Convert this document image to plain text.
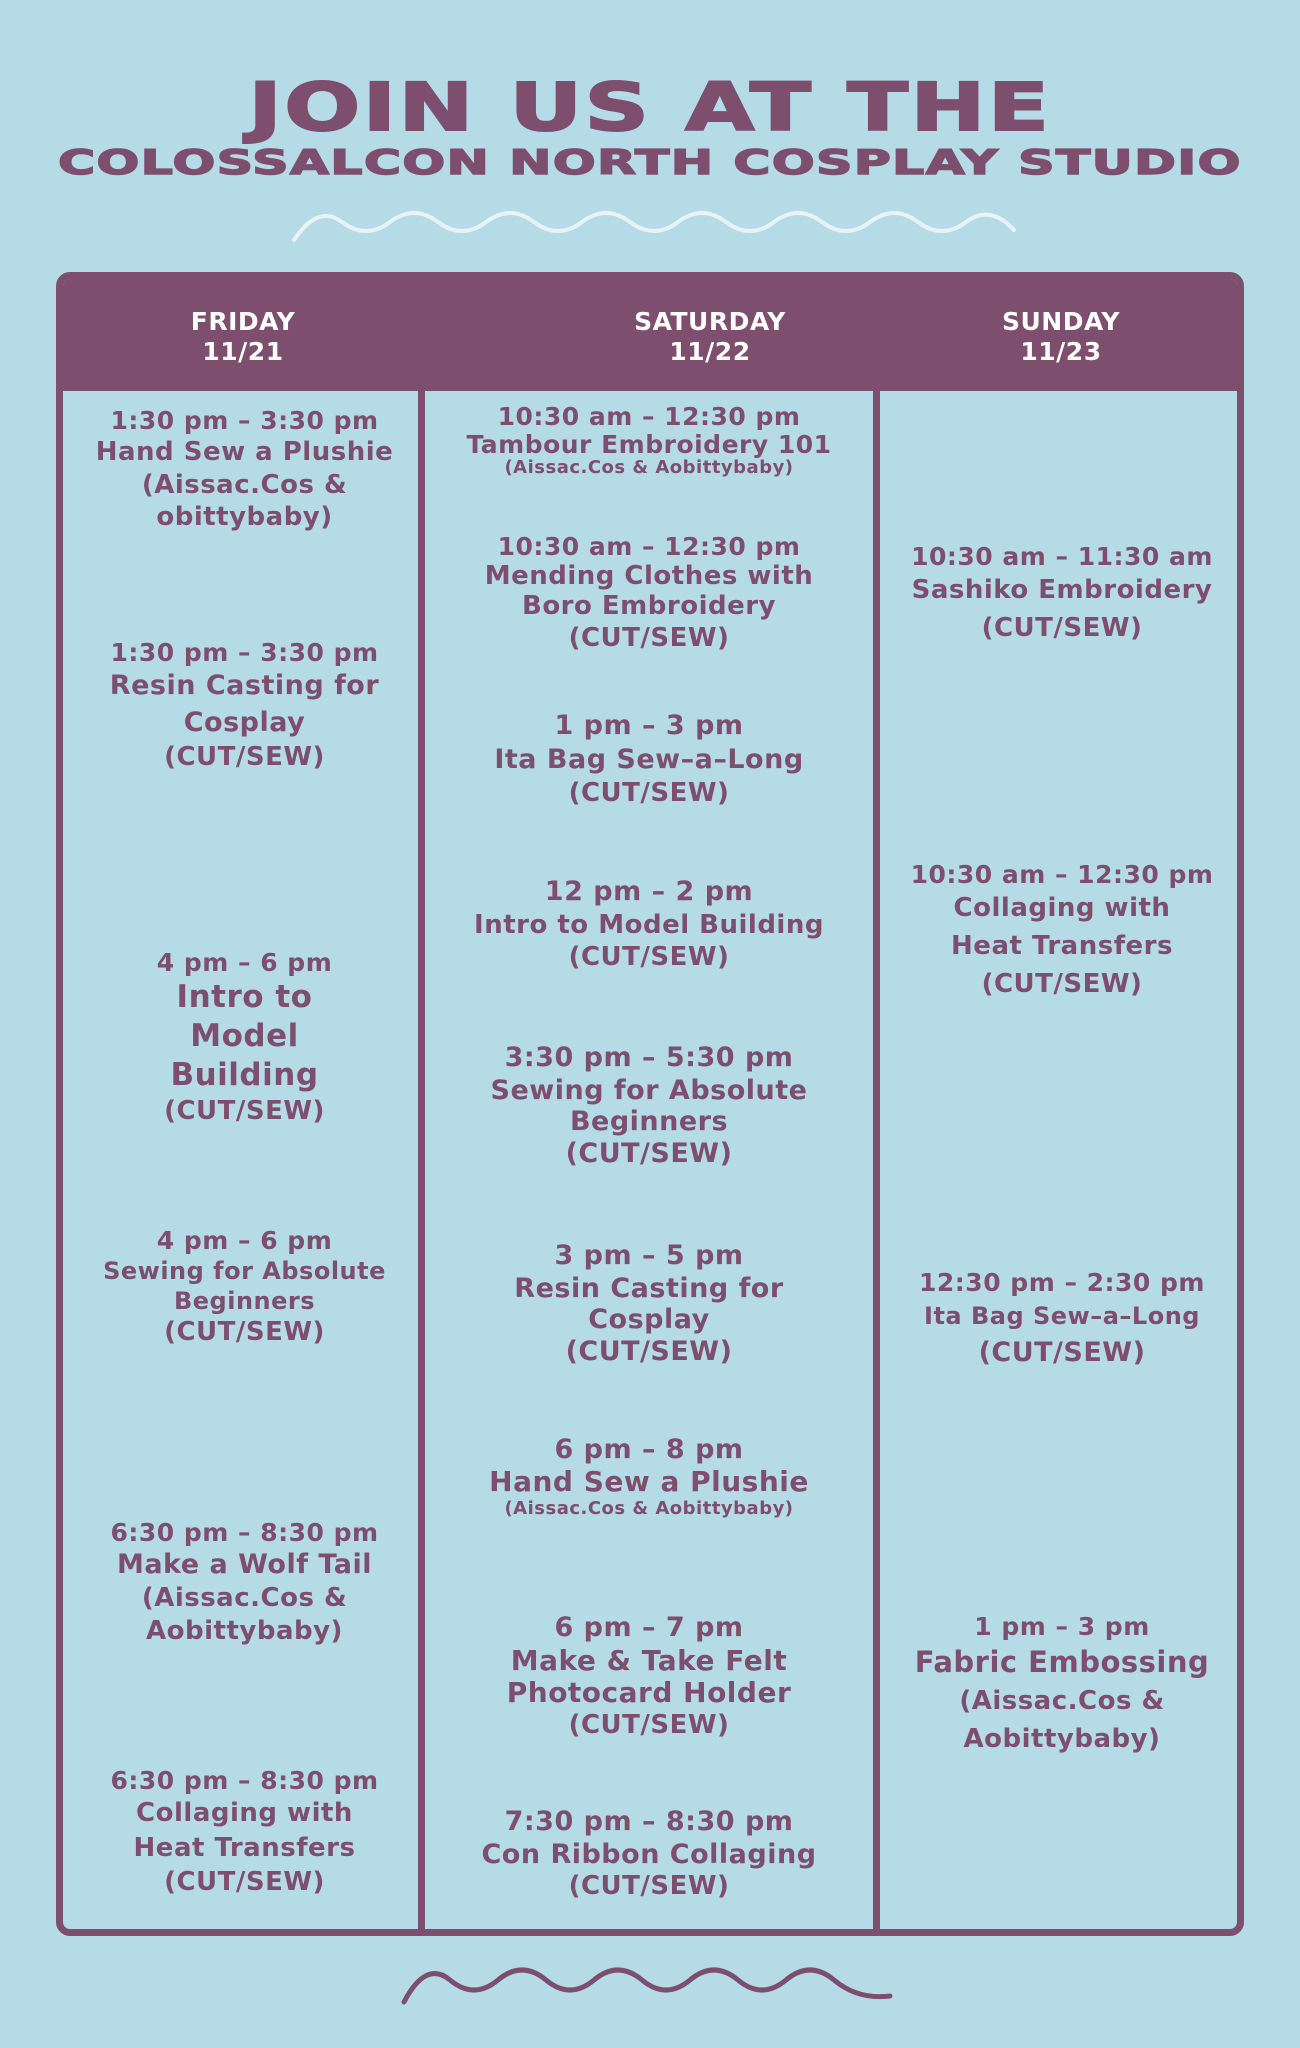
JOIN US AT THE
COLOSSALCON NORTH COSPLAY STUDIO
FRIDAY
11/21
SATURDAY
11/22
SUNDAY
11/23
1:30 pm – 3:30 pm
Hand Sew a Plushie
(Aissac.Cos & obittybaby)
1:30 pm – 3:30 pm
Resin Casting for Cosplay
(CUT/SEW)
4 pm – 6 pm
Intro to Model Building
(CUT/SEW)
4 pm – 6 pm
Sewing for Absolute Beginners
(CUT/SEW)
6:30 pm – 8:30 pm
Make a Wolf Tail
(Aissac.Cos & Aobittybaby)
6:30 pm – 8:30 pm
Collaging with Heat Transfers
(CUT/SEW)
10:30 am – 12:30 pm
Tambour Embroidery 101
(Aissac.Cos & Aobittybaby)
10:30 am – 12:30 pm
Mending Clothes with Boro Embroidery
(CUT/SEW)
1 pm – 3 pm
Ita Bag Sew–a–Long
(CUT/SEW)
12 pm – 2 pm
Intro to Model Building
(CUT/SEW)
3:30 pm – 5:30 pm
Sewing for Absolute Beginners
(CUT/SEW)
3 pm – 5 pm
Resin Casting for Cosplay
(CUT/SEW)
6 pm – 8 pm
Hand Sew a Plushie
(Aissac.Cos & Aobittybaby)
6 pm – 7 pm
Make & Take Felt Photocard Holder
(CUT/SEW)
7:30 pm – 8:30 pm
Con Ribbon Collaging
(CUT/SEW)
10:30 am – 11:30 am
Sashiko Embroidery
(CUT/SEW)
10:30 am – 12:30 pm
Collaging with Heat Transfers
(CUT/SEW)
12:30 pm – 2:30 pm
Ita Bag Sew–a–Long
(CUT/SEW)
1 pm – 3 pm
Fabric Embossing
(Aissac.Cos & Aobittybaby)
